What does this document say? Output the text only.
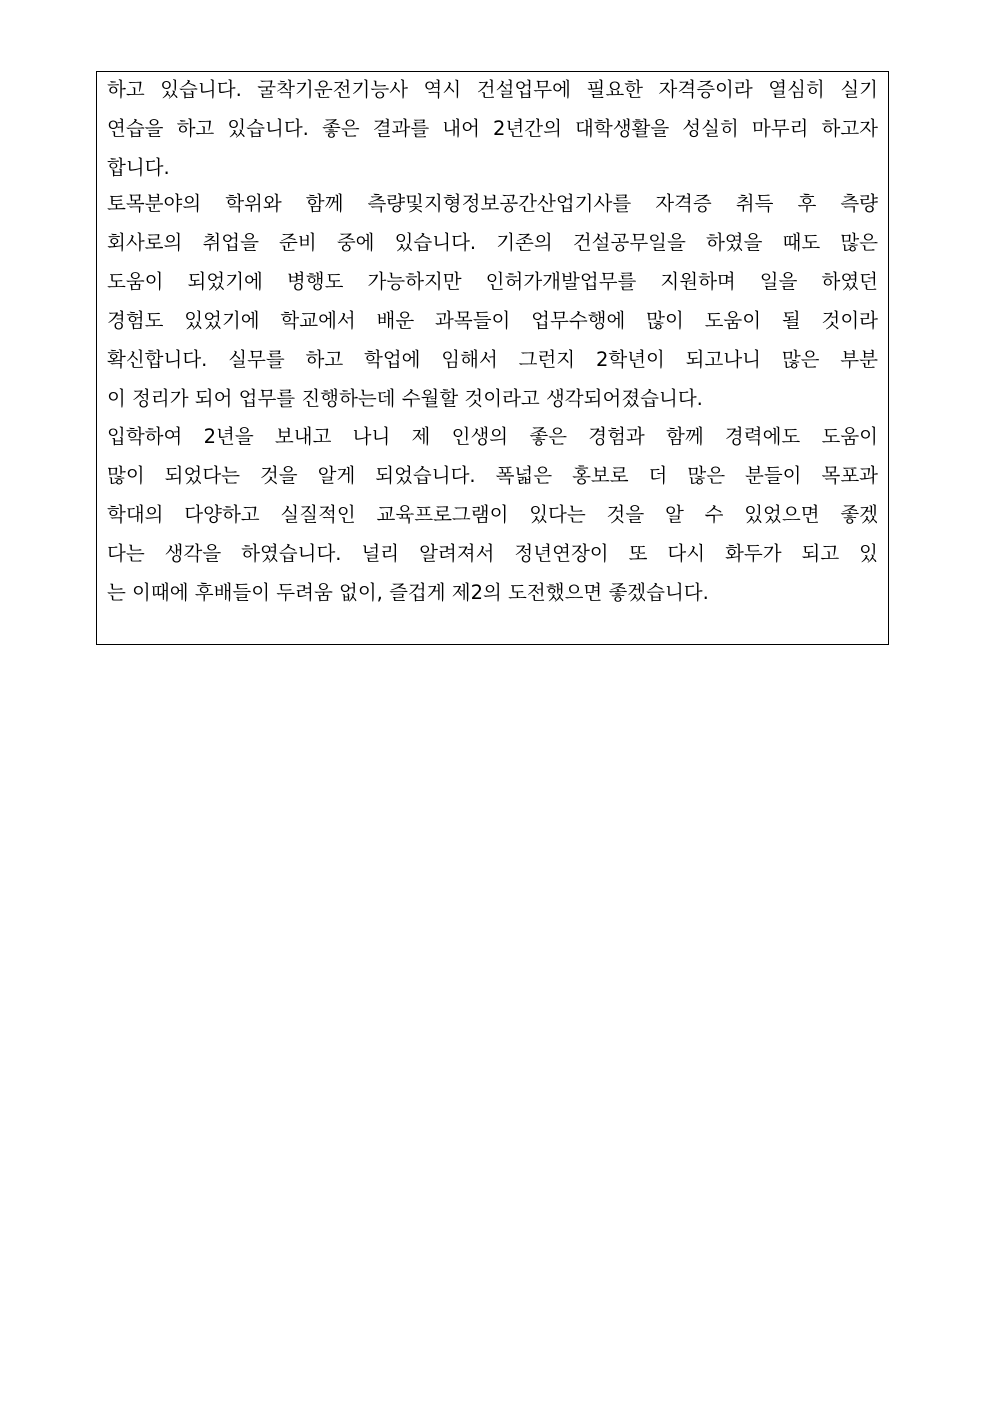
하고 있습니다. 굴착기운전기능사 역시 건설업무에 필요한 자격증이라 열심히 실기
연습을 하고 있습니다. 좋은 결과를 내어 2년간의 대학생활을 성실히 마무리 하고자
합니다.
토목분야의 학위와 함께 측량및지형정보공간산업기사를 자격증 취득 후 측량
회사로의 취업을 준비 중에 있습니다. 기존의 건설공무일을 하였을 때도 많은
도움이 되었기에 병행도 가능하지만 인허가개발업무를 지원하며 일을 하였던
경험도 있었기에 학교에서 배운 과목들이 업무수행에 많이 도움이 될 것이라
확신합니다. 실무를 하고 학업에 임해서 그런지 2학년이 되고나니 많은 부분
이 정리가 되어 업무를 진행하는데 수월할 것이라고 생각되어졌습니다.
입학하여 2년을 보내고 나니 제 인생의 좋은 경험과 함께 경력에도 도움이
많이 되었다는 것을 알게 되었습니다. 폭넓은 홍보로 더 많은 분들이 목포과
학대의 다양하고 실질적인 교육프로그램이 있다는 것을 알 수 있었으면 좋겠
다는 생각을 하였습니다. 널리 알려져서 정년연장이 또 다시 화두가 되고 있
는 이때에 후배들이 두려움 없이, 즐겁게 제2의 도전했으면 좋겠습니다.
